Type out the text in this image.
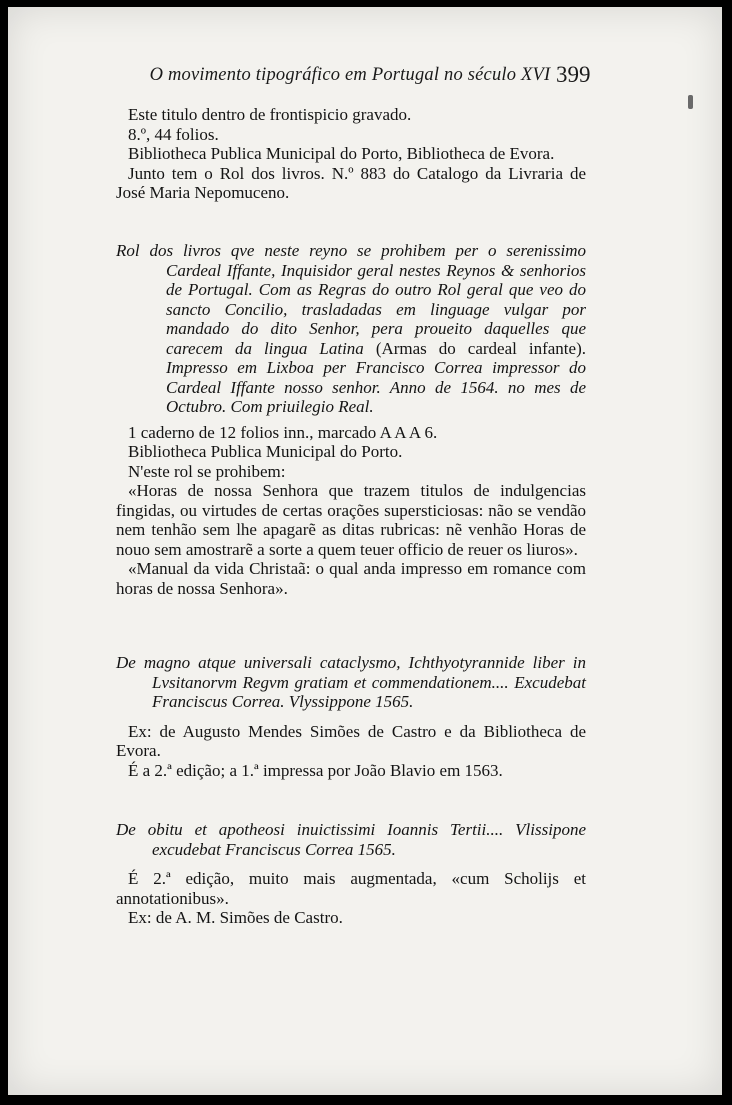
O movimento tipográfico em Portugal no século XVI 399

Este titulo dentro de frontispicio gravado.

8.º, 44 folios.

Bibliotheca Publica Municipal do Porto, Bibliotheca de Evora.

Junto tem o Rol dos livros. N.º 883 do Catalogo da Livraria de José Maria Nepomuceno.

Rol dos livros qve neste reyno se prohibem per o serenissimo Cardeal Iffante, Inquisidor geral nestes Reynos & senhorios de Portugal. Com as Regras do outro Rol geral que veo do sancto Concilio, trasladadas em linguage vulgar por mandado do dito Senhor, pera proueito daquelles que carecem da lingua Latina (Armas do cardeal infante). Impresso em Lixboa per Francisco Correa impressor do Cardeal Iffante nosso senhor. Anno de 1564. no mes de Octubro. Com priuilegio Real.

1 caderno de 12 folios inn., marcado A A A 6.

Bibliotheca Publica Municipal do Porto.

N'este rol se prohibem:

«Horas de nossa Senhora que trazem titulos de indulgencias fingidas, ou virtudes de certas orações supersticiosas: não se vendão nem tenhão sem lhe apagarẽ as ditas rubricas: nẽ venhão Horas de nouo sem amostrarẽ a sorte a quem teuer officio de reuer os liuros».

«Manual da vida Christaã: o qual anda impresso em romance com horas de nossa Senhora».

De magno atque universali cataclysmo, Ichthyotyrannide liber in Lvsitanorvm Regvm gratiam et commendationem.... Excudebat Franciscus Correa. Vlyssippone 1565.

Ex: de Augusto Mendes Simões de Castro e da Bibliotheca de Evora.

É a 2.ª edição; a 1.ª impressa por João Blavio em 1563.

De obitu et apotheosi inuictissimi Ioannis Tertii.... Vlissipone excudebat Franciscus Correa 1565.

É 2.ª edição, muito mais augmentada, «cum Scholijs et annotationibus».

Ex: de A. M. Simões de Castro.
